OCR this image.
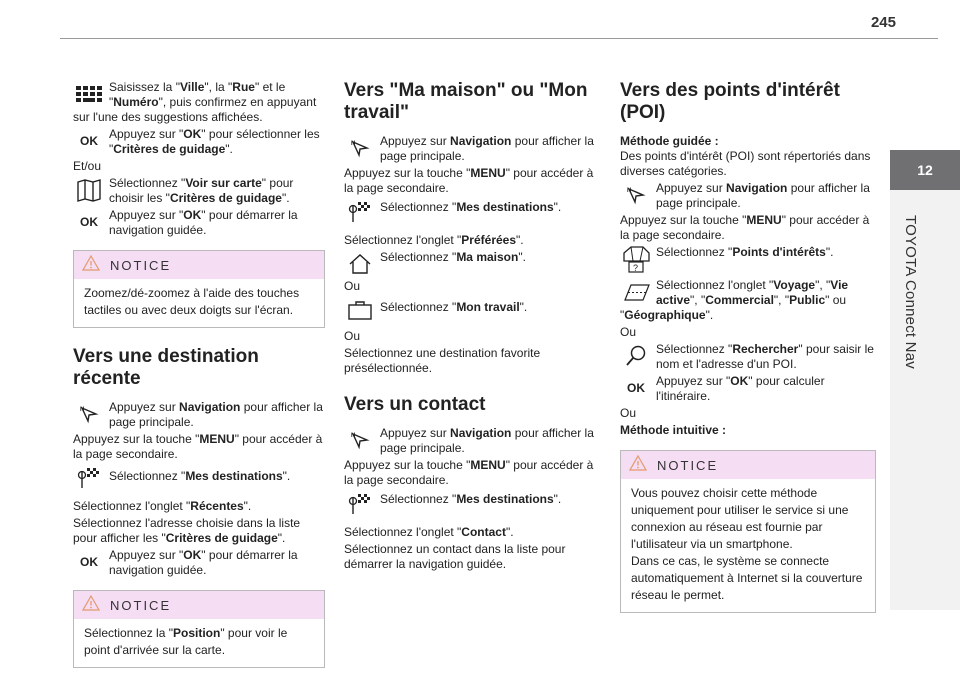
245
12
TOYOTA Connect Nav
Saisissez la "Ville", la "Rue" et le "Numéro", puis confirmez en appuyant sur l'une des suggestions affichées.
OK Appuyez sur "OK" pour sélectionner les "Critères de guidage".

Et/ou

Sélectionnez "Voir sur carte" pour choisir les "Critères de guidage".
OK Appuyez sur "OK" pour démarrer la navigation guidée.
NOTICE
Zoomez/dé-zoomez à l'aide des touches tactiles ou avec deux doigts sur l'écran.
Vers une destination récente
N Appuyez sur Navigation pour afficher la page principale.

Appuyez sur la touche "MENU" pour accéder à la page secondaire.

Sélectionnez "Mes destinations".

Sélectionnez l'onglet "Récentes".

Sélectionnez l'adresse choisie dans la liste pour afficher les "Critères de guidage".

OK Appuyez sur "OK" pour démarrer la navigation guidée.
NOTICE
Sélectionnez la "Position" pour voir le point d'arrivée sur la carte.
Vers "Ma maison" ou "Mon travail"
N Appuyez sur Navigation pour afficher la page principale.

Appuyez sur la touche "MENU" pour accéder à la page secondaire.

Sélectionnez "Mes destinations".

Sélectionnez l'onglet "Préférées".

Sélectionnez "Ma maison".

Ou

Sélectionnez "Mon travail".

Ou

Sélectionnez une destination favorite présélectionnée.

Vers un contact
N Appuyez sur Navigation pour afficher la page principale.

Appuyez sur la touche "MENU" pour accéder à la page secondaire.

Sélectionnez "Mes destinations".

Sélectionnez l'onglet "Contact".

Sélectionnez un contact dans la liste pour démarrer la navigation guidée.

Vers des points d'intérêt (POI)

Méthode guidée :

Des points d'intérêt (POI) sont répertoriés dans diverses catégories.

N Appuyez sur Navigation pour afficher la page principale.

Appuyez sur la touche "MENU" pour accéder à la page secondaire.

?
Sélectionnez "Points d'intérêts".
Sélectionnez l'onglet "Voyage", "Vie active", "Commercial", "Public" ou "Géographique".

Ou

Sélectionnez "Rechercher" pour saisir le nom et l'adresse d'un POI.
OK Appuyez sur "OK" pour calculer l'itinéraire.

Ou

Méthode intuitive :

NOTICE
Vous pouvez choisir cette méthode uniquement pour utiliser le service si une connexion au réseau est fournie par l'utilisateur via un smartphone.
Dans ce cas, le système se connecte automatiquement à Internet si la couverture réseau le permet.
